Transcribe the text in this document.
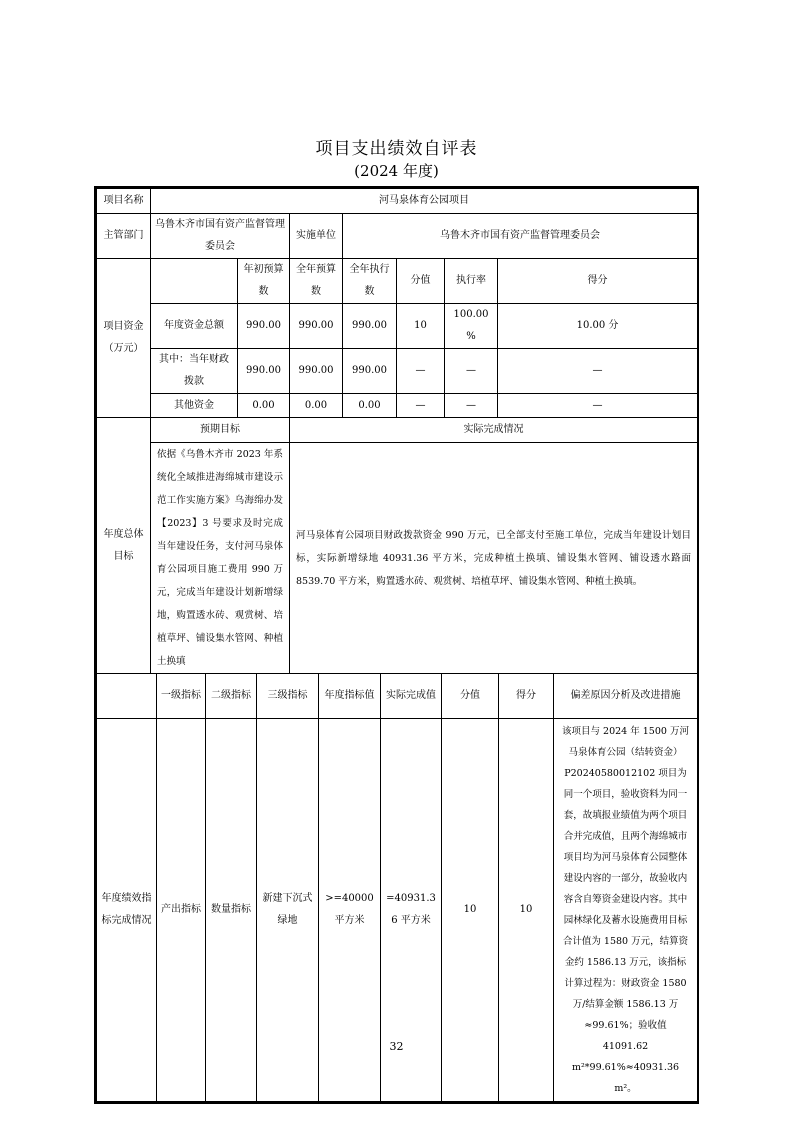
项目支出绩效自评表
(2024 年度)
项目名称	河马泉体育公园项目		
主管部门	乌鲁木齐市国有资产监督管理委员会	实施单位	乌鲁木齐市国有资产监督管理委员会
项目资金（万元）		年初预算数	全年预算数	全年执行数	分值	执行率	得分
	年度资金总额	990.00	990.00	990.00	10	100.00%	10.00 分
	其中：当年财政拨款	990.00	990.00	990.00	—	—	—
	其他资金	0.00	0.00	0.00	—	—	—
年度总体目标	预期目标	实际完成情况
	依据《乌鲁木齐市 2023 年系统化全域推进海绵城市建设示范工作实施方案》乌海绵办发【2023】3 号要求及时完成当年建设任务，支付河马泉体育公园项目施工费用 990 万元，完成当年建设计划新增绿地，购置透水砖、观赏树、培植草坪、铺设集水管网、种植土换填	河马泉体育公园项目财政拨款资金 990 万元，已全部支付至施工单位，完成当年建设计划目标，实际新增绿地 40931.36 平方米，完成种植土换填、铺设集水管网、铺设透水路面 8539.70 平方米，购置透水砖、观赏树、培植草坪、铺设集水管网、种植土换填。
	一级指标	二级指标	三级指标	年度指标值	实际完成值	分值	得分	偏差原因分析及改进措施
年度绩效指标完成情况	产出指标	数量指标	新建下沉式绿地	>=40000 平方米	=40931.36 平方米	10	10	该项目与 2024 年 1500 万河马泉体育公园（结转资金）P20240580012102 项目为同一个项目，验收资料为同一套，故填报业绩值为两个项目合并完成值，且两个海绵城市项目均为河马泉体育公园整体建设内容的一部分，故验收内容含自筹资金建设内容。其中园林绿化及蓄水设施费用目标合计值为 1580 万元，结算资金约 1586.13 万元，该指标计算过程为：财政资金 1580 万/结算金额 1586.13 万≈99.61%；验收值 41091.62 m²*99.61%≈40931.36 m²。
32
